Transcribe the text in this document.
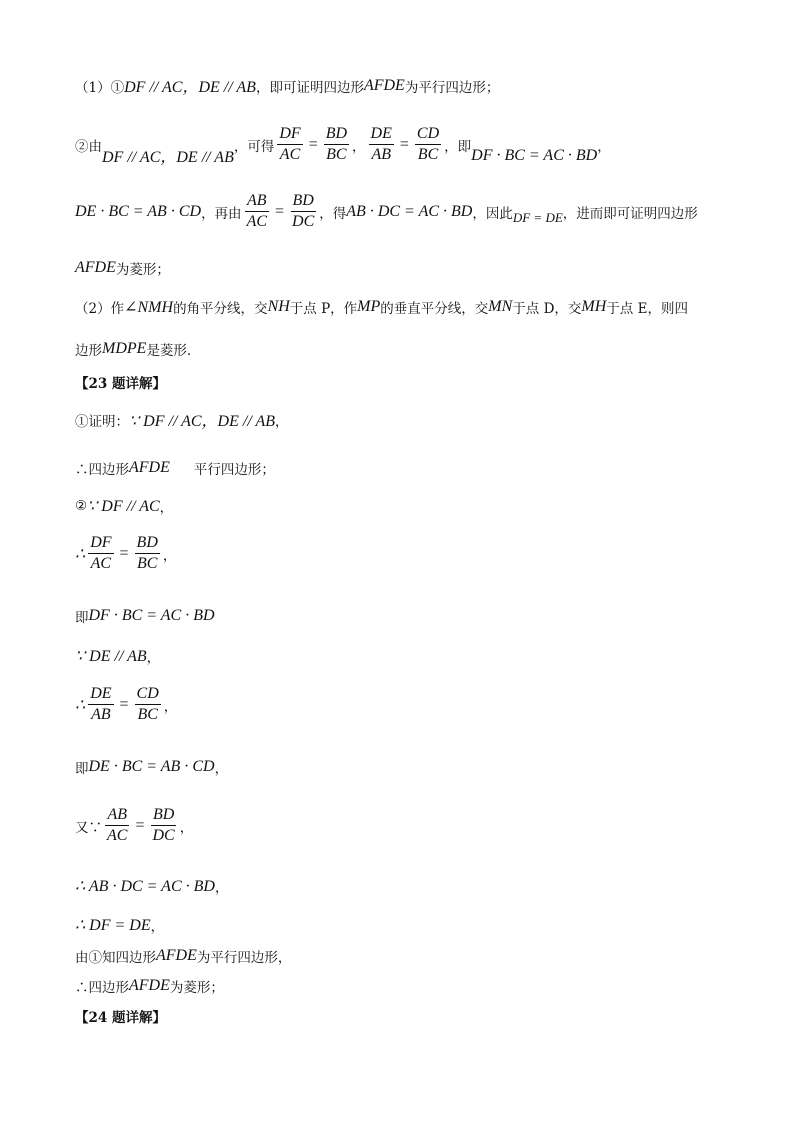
（1）① DF // AC，DE // AB ，即可证明四边形 AFDE 为平行四边形；
②由
DF // AC，DE // AB
，可得 $\frac{DF}{AC} = \frac{BD}{BC}$ ， $\frac{DE}{AB} = \frac{CD}{BC}$ ，即 DF · BC = AC · BD ，
DE · BC = AB · CD ，再由 $\frac{AB}{AC} = \frac{BD}{DC}$ ，得 AB · DC = AC · BD ，因此 DF = DE ，进而即可证明四边形
AFDE 为菱形；
（2）作 ∠NMH 的角平分线，交 NH 于点 P，作 MP 的垂直平分线，交 MN 于点 D，交 MH 于点 E，则四
边形 MDPE 是菱形.
【23 题详解】
①证明： ∵ DF // AC，DE // AB ，
∴四边形 AFDE 平行四边形；
② ∵ DF // AC ，
∴ $\frac{DF}{AC} = \frac{BD}{BC}$ ，
即 DF · BC = AC · BD
∵ DE // AB ，
∴ $\frac{DE}{AB} = \frac{CD}{BC}$ ，
即 DE · BC = AB · CD ，
又∵ $\frac{AB}{AC} = \frac{BD}{DC}$ ，
∴ AB · DC = AC · BD ，
∴ DF = DE ，
由①知四边形 AFDE 为平行四边形，
∴四边形 AFDE 为菱形；
【24 题详解】
